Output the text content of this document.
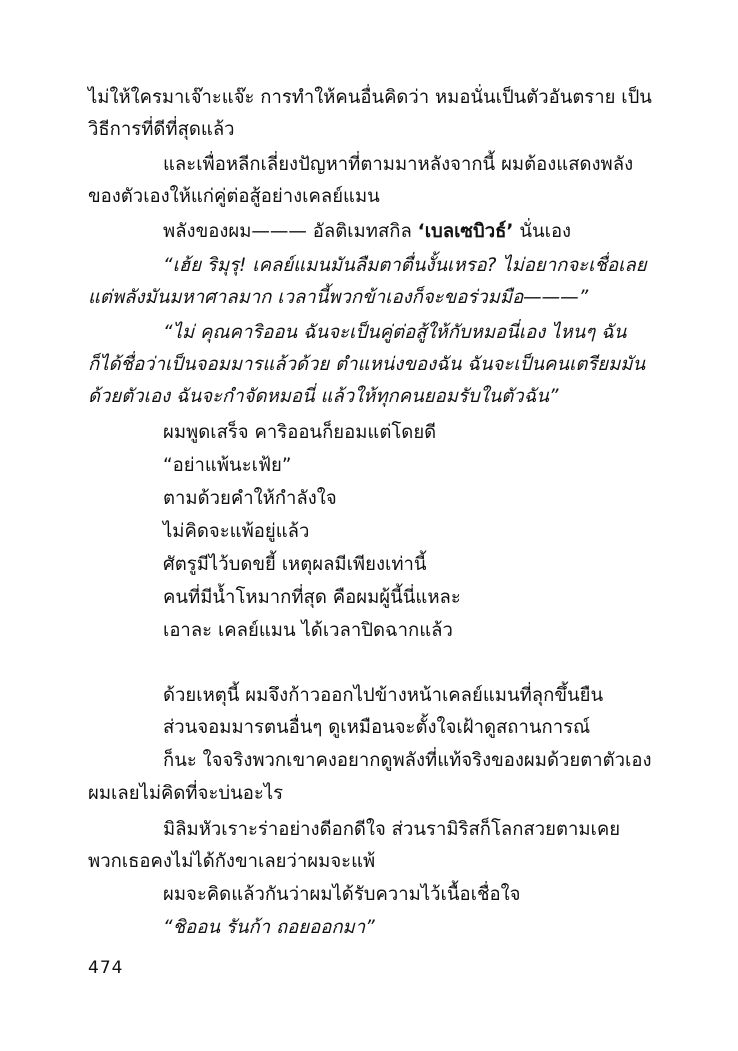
ไม่ให้ใครมาเจ๊าะแจ๊ะ การทำให้คนอื่นคิดว่า หมอนั่นเป็นตัวอันตราย เป็น
วิธีการที่ดีที่สุดแล้ว
และเพื่อหลีกเลี่ยงปัญหาที่ตามมาหลังจากนี้ ผมต้องแสดงพลัง
ของตัวเองให้แก่คู่ต่อสู้อย่างเคลย์แมน
พลังของผม——— อัลติเมทสกิล ‘เบลเซบิวธ์’ นั่นเอง
“เฮ้ย ริมุรุ! เคลย์แมนมันลืมตาตื่นงั้นเหรอ? ไม่อยากจะเชื่อเลย
แต่พลังมันมหาศาลมาก เวลานี้พวกข้าเองก็จะขอร่วมมือ———”
“ไม่ คุณคาริออน ฉันจะเป็นคู่ต่อสู้ให้กับหมอนี่เอง ไหนๆ ฉัน
ก็ได้ชื่อว่าเป็นจอมมารแล้วด้วย ตำแหน่งของฉัน ฉันจะเป็นคนเตรียมมัน
ด้วยตัวเอง ฉันจะกำจัดหมอนี่ แล้วให้ทุกคนยอมรับในตัวฉัน”
ผมพูดเสร็จ คาริออนก็ยอมแต่โดยดี
“อย่าแพ้นะเฟ้ย”
ตามด้วยคำให้กำลังใจ
ไม่คิดจะแพ้อยู่แล้ว
ศัตรูมีไว้บดขยี้ เหตุผลมีเพียงเท่านี้
คนที่มีน้ำโหมากที่สุด คือผมผู้นี้นี่แหละ
เอาละ เคลย์แมน ได้เวลาปิดฉากแล้ว
ด้วยเหตุนี้ ผมจึงก้าวออกไปข้างหน้าเคลย์แมนที่ลุกขึ้นยืน
ส่วนจอมมารตนอื่นๆ ดูเหมือนจะตั้งใจเฝ้าดูสถานการณ์
ก็นะ ใจจริงพวกเขาคงอยากดูพลังที่แท้จริงของผมด้วยตาตัวเอง
ผมเลยไม่คิดที่จะบ่นอะไร
มิลิมหัวเราะร่าอย่างดีอกดีใจ ส่วนรามิริสก็โลกสวยตามเคย
พวกเธอคงไม่ได้กังขาเลยว่าผมจะแพ้
ผมจะคิดแล้วกันว่าผมได้รับความไว้เนื้อเชื่อใจ
“ชิออน รันก้า ถอยออกมา”
474
